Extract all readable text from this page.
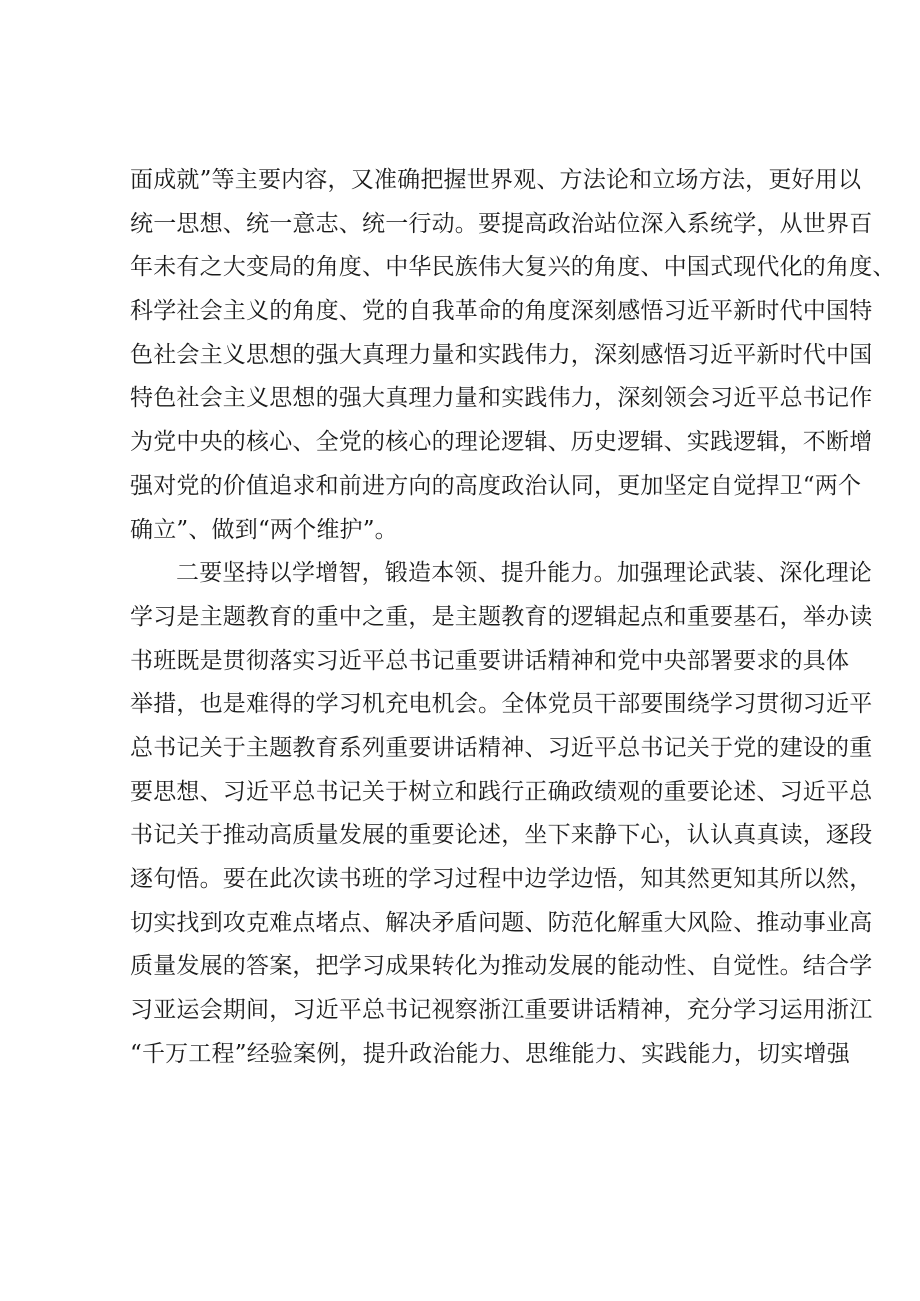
面成就”等主要内容，又准确把握世界观、方法论和立场方法，更好用以
统一思想、统一意志、统一行动。要提高政治站位深入系统学，从世界百
年未有之大变局的角度、中华民族伟大复兴的角度、中国式现代化的角度、
科学社会主义的角度、党的自我革命的角度深刻感悟习近平新时代中国特
色社会主义思想的强大真理力量和实践伟力，深刻感悟习近平新时代中国
特色社会主义思想的强大真理力量和实践伟力，深刻领会习近平总书记作
为党中央的核心、全党的核心的理论逻辑、历史逻辑、实践逻辑，不断增
强对党的价值追求和前进方向的高度政治认同，更加坚定自觉捍卫“两个
确立”、做到“两个维护”。
二要坚持以学增智，锻造本领、提升能力。加强理论武装、深化理论
学习是主题教育的重中之重，是主题教育的逻辑起点和重要基石，举办读
书班既是贯彻落实习近平总书记重要讲话精神和党中央部署要求的具体
举措，也是难得的学习机充电机会。全体党员干部要围绕学习贯彻习近平
总书记关于主题教育系列重要讲话精神、习近平总书记关于党的建设的重
要思想、习近平总书记关于树立和践行正确政绩观的重要论述、习近平总
书记关于推动高质量发展的重要论述，坐下来静下心，认认真真读，逐段
逐句悟。要在此次读书班的学习过程中边学边悟，知其然更知其所以然，
切实找到攻克难点堵点、解决矛盾问题、防范化解重大风险、推动事业高
质量发展的答案，把学习成果转化为推动发展的能动性、自觉性。结合学
习亚运会期间，习近平总书记视察浙江重要讲话精神，充分学习运用浙江
“千万工程”经验案例，提升政治能力、思维能力、实践能力，切实增强
